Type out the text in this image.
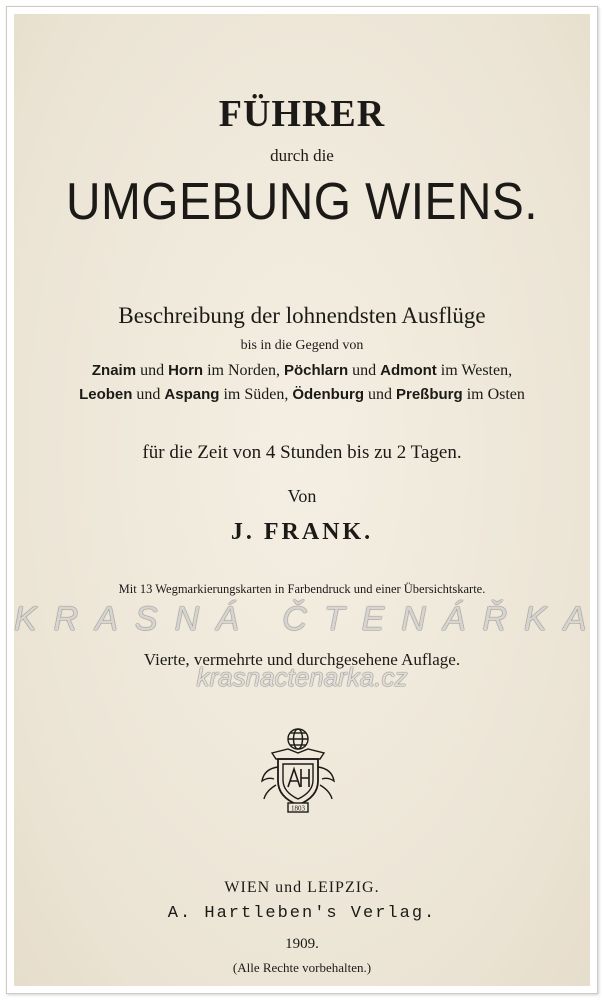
FÜHRER
durch die
UMGEBUNG WIENS.
Beschreibung der lohnendsten Ausflüge
bis in die Gegend von
Znaim und Horn im Norden, Pöchlarn und Admont im Westen,
Leoben und Aspang im Süden, Ödenburg und Preßburg im Osten
für die Zeit von 4 Stunden bis zu 2 Tagen.
Von
J. FRANK.
Mit 13 Wegmarkierungskarten in Farbendruck und einer Übersichtskarte.
Vierte, vermehrte und durchgesehene Auflage.
KRASNÁ ČTENÁŘKA
krasnactenarka.cz
1803
WIEN und LEIPZIG.
A. Hartleben's Verlag.
1909.
(Alle Rechte vorbehalten.)
